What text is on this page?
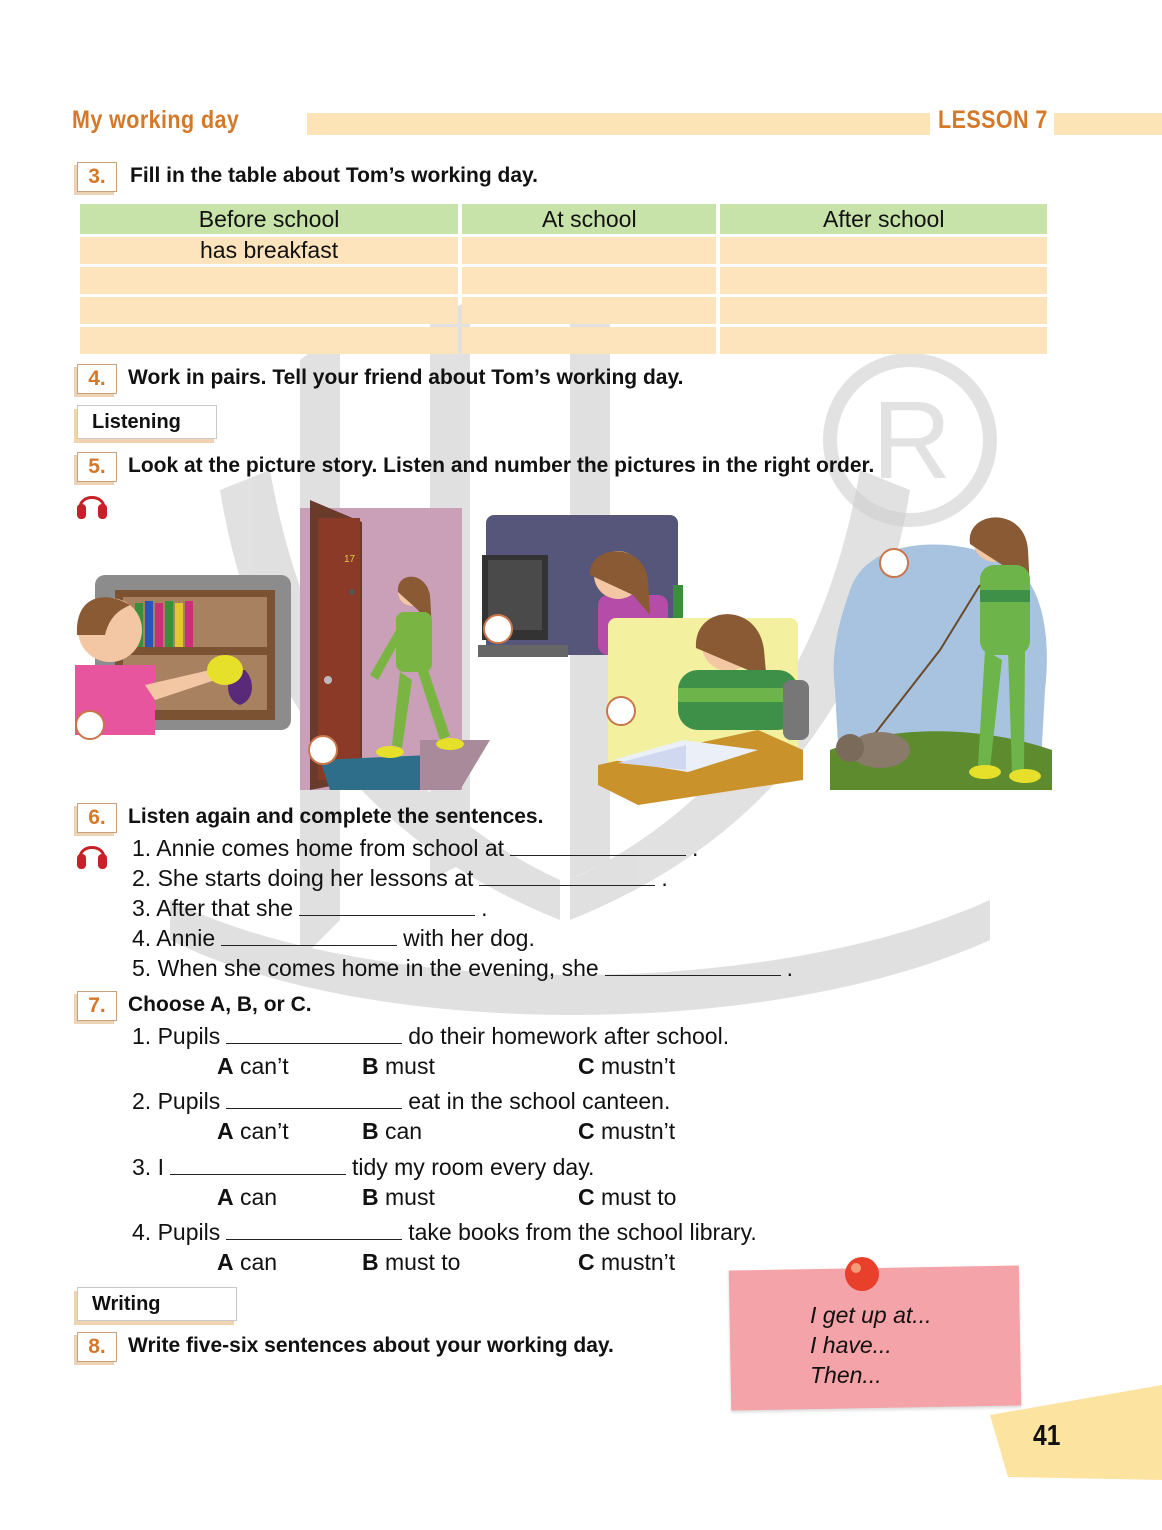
My working day	LESSON 7
R
3.	Fill in the table about Tom’s working day.
Before school	At school	After school
has breakfast		

4.	Work in pairs. Tell your friend about Tom’s working day.
Listening
5.	Look at the picture story. Listen and number the pictures in the right order.
17
6.	Listen again and complete the sentences.
1. Annie comes home from school at	.
2. She starts doing her lessons at	.
3. After that she	.
4. Annie	with her dog.
5. When she comes home in the evening, she	.
7.	Choose A, B, or C.
1. Pupils	do their homework after school.
A can’t	B must	C mustn’t
2. Pupils	eat in the school canteen.
A can’t	B can	C mustn’t
3. I	tidy my room every day.
A can	B must	C must to
4. Pupils	take books from the school library.
A can	B must to	C mustn’t
Writing
8.	Write five-six sentences about your working day.
I get up at...
I have...
Then...
41
